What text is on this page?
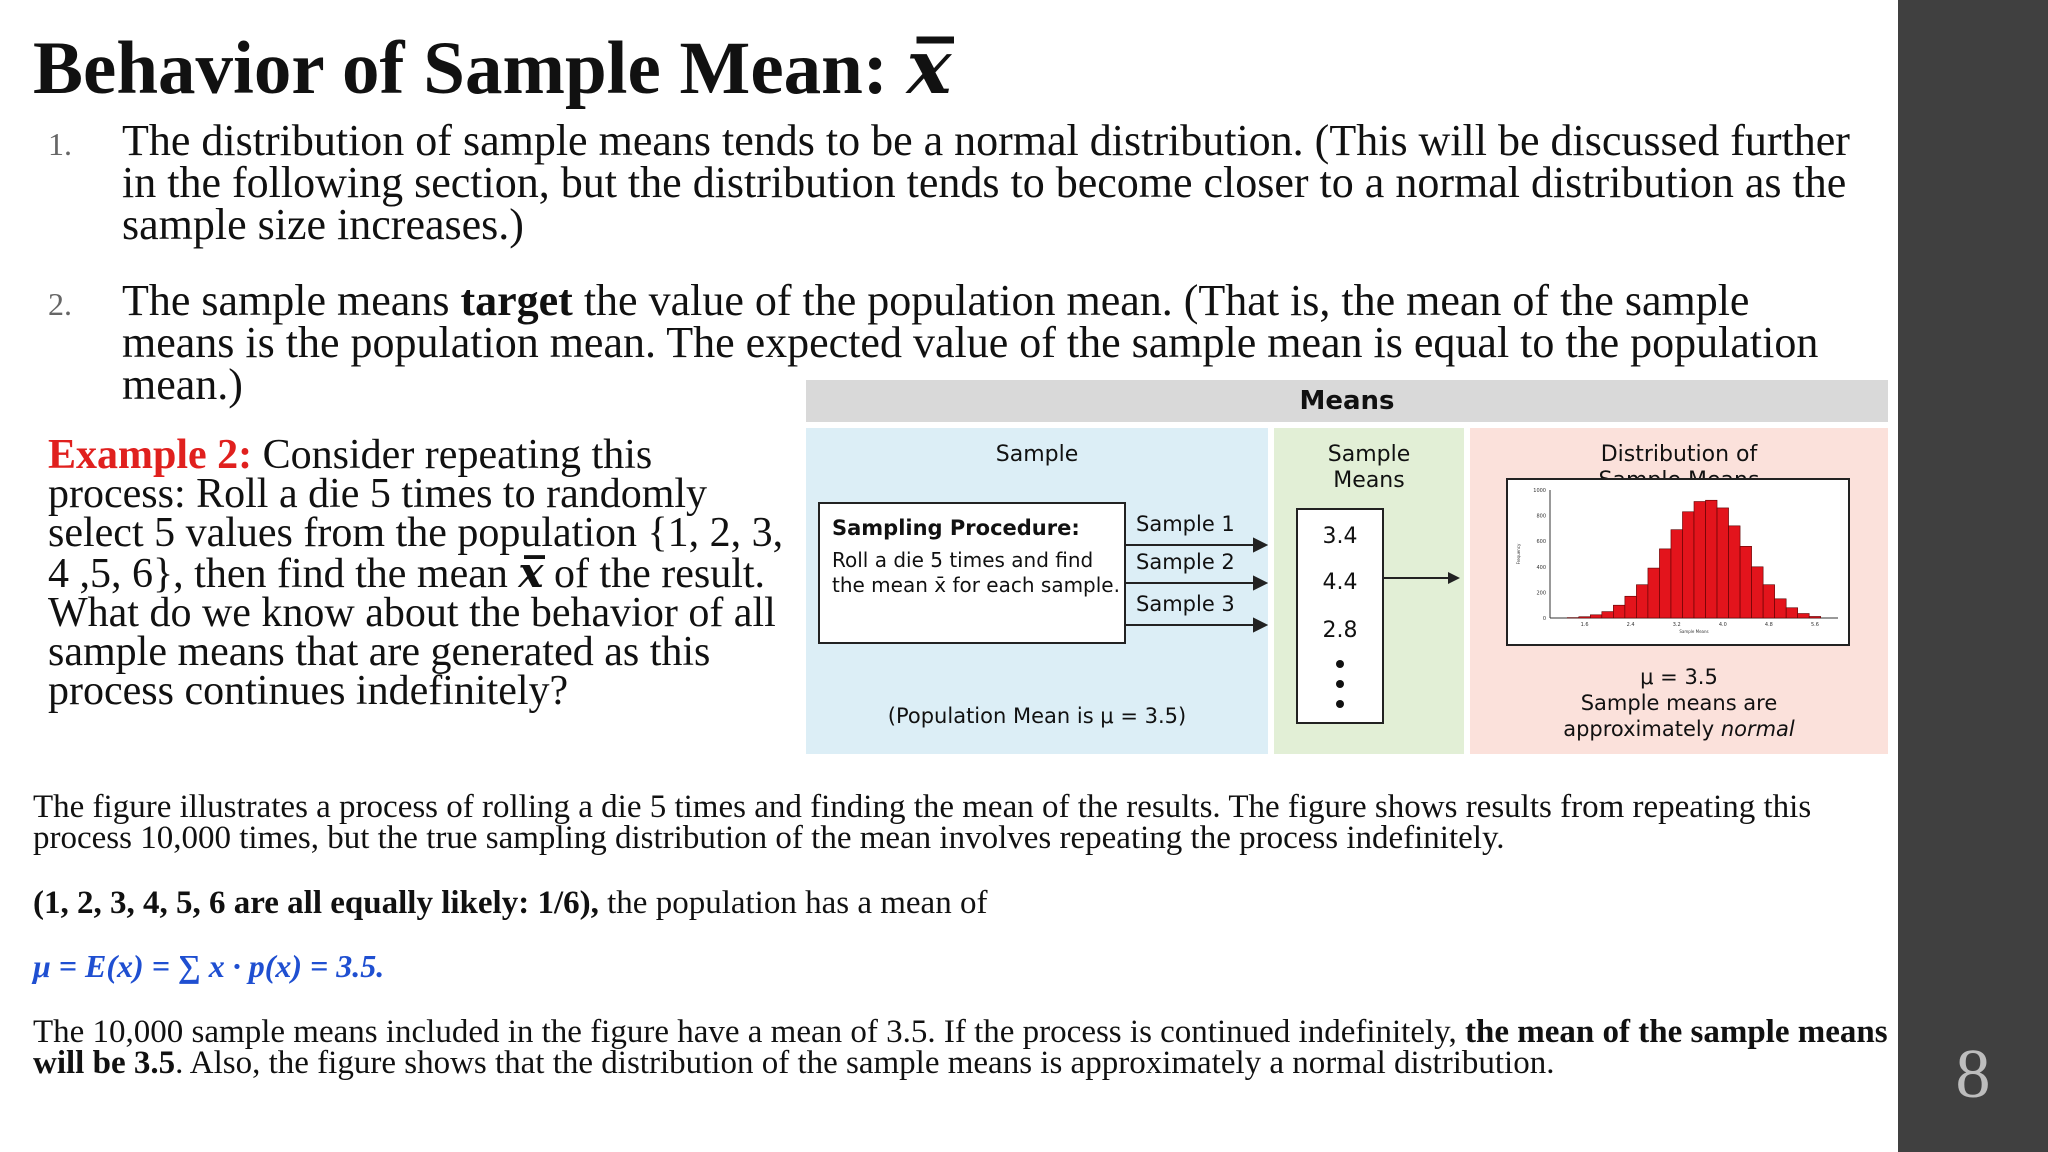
8
Behavior of Sample Mean: x̅
1. The distribution of sample means tends to be a normal distribution. (This will be discussed further in the following section, but the distribution tends to become closer to a normal distribution as the sample size increases.)
2. The sample means target the value of the population mean. (That is, the mean of the sample means is the population mean. The expected value of the sample mean is equal to the population mean.)
Example 2: Consider repeating this process: Roll a die 5 times to randomly select 5 values from the population {1, 2, 3, 4 ,5, 6}, then find the mean x̅ of the result. What do we know about the behavior of all sample means that are generated as this process continues indefinitely?
Means
Sample
Sampling Procedure:
Roll a die 5 times and find the mean x̄ for each sample.
Sample 1
Sample 2
Sample 3
(Population Mean is μ = 3.5)
Sample Means
3.4
4.4
2.8
Distribution of
1000
800
600
400
200
0
1.6	2.4	3.2	4.0	4.8	5.6
Sample Means
Frequency
μ = 3.5
Sample means are
approximately normal
The figure illustrates a process of rolling a die 5 times and finding the mean of the results. The figure shows results from repeating this process 10,000 times, but the true sampling distribution of the mean involves repeating the process indefinitely.
(1, 2, 3, 4, 5, 6 are all equally likely: 1/6), the population has a mean of
μ = E(x) = ∑ x · p(x) = 3.5.
The 10,000 sample means included in the figure have a mean of 3.5. If the process is continued indefinitely, the mean of the sample means will be 3.5. Also, the figure shows that the distribution of the sample means is approximately a normal distribution.
